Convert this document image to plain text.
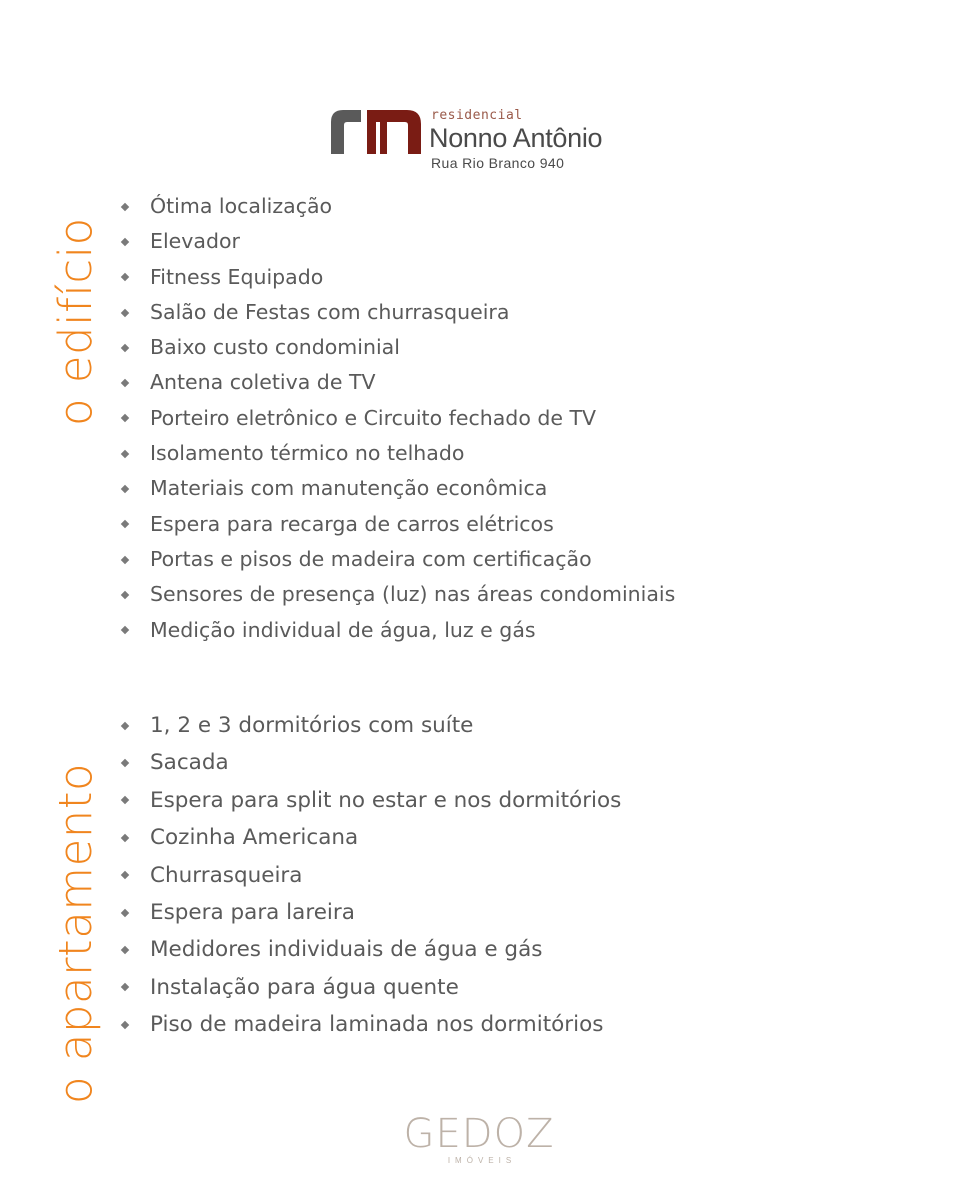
residencial
Nonno Antônio
Rua Rio Branco 940
o edifício
Ótima localização
Elevador
Fitness Equipado
Salão de Festas com churrasqueira
Baixo custo condominial
Antena coletiva de TV
Porteiro eletrônico e Circuito fechado de TV
Isolamento térmico no telhado
Materiais com manutenção econômica
Espera para recarga de carros elétricos
Portas e pisos de madeira com certificação
Sensores de presença (luz) nas áreas condominiais
Medição individual de água, luz e gás
o apartamento
1, 2 e 3 dormitórios com suíte
Sacada
Espera para split no estar e nos dormitórios
Cozinha Americana
Churrasqueira
Espera para lareira
Medidores individuais de água e gás
Instalação para água quente
Piso de madeira laminada nos dormitórios
GEDOZ
IMÓVEIS
